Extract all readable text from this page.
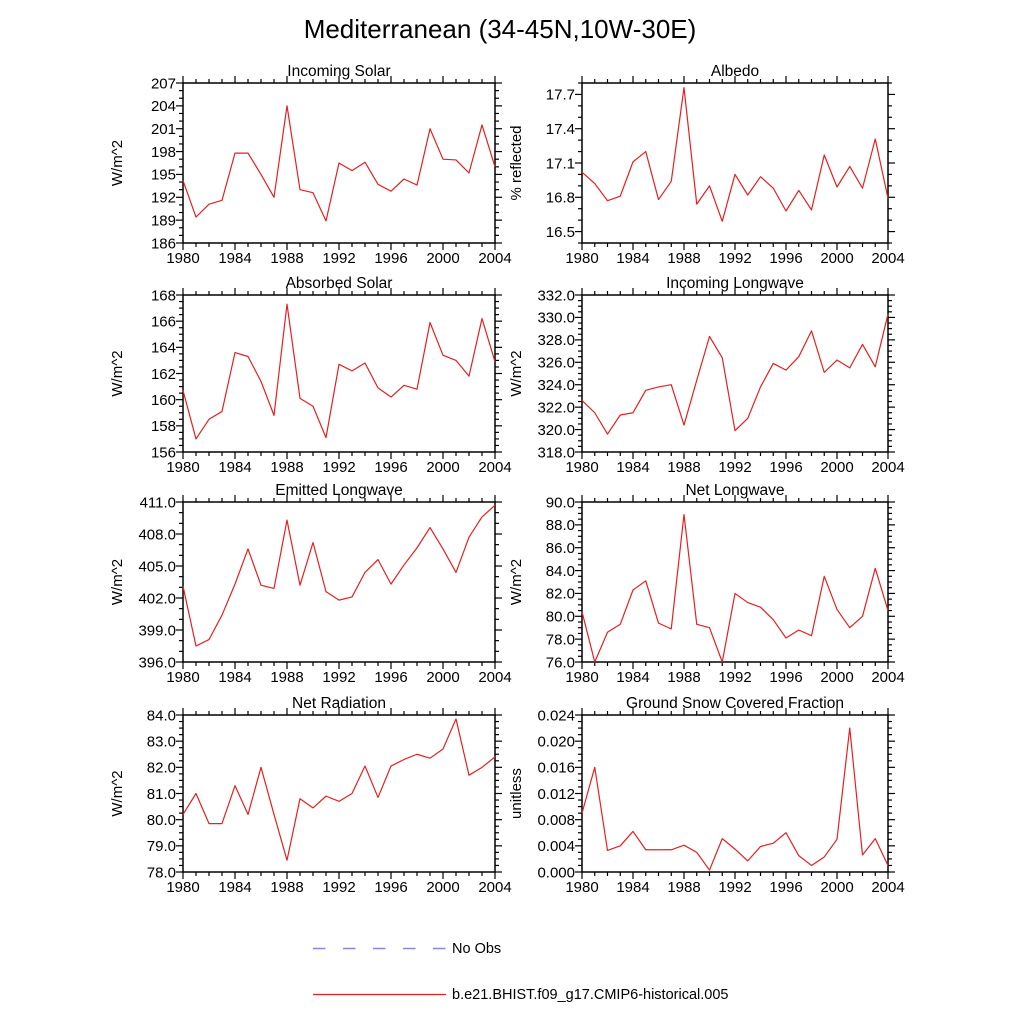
Mediterranean (34-45N,10W-30E)
1980 1984 1988 1992 1996 2000 2004
186
189
192
195
198
201
204
207
Incoming Solar
W/m^2
1980 1984 1988 1992 1996 2000 2004
16.5
16.8
17.1
17.4
17.7
Albedo
% reflected
1980 1984 1988 1992 1996 2000 2004
156
158
160
162
164
166
168
Absorbed Solar
W/m^2
1980 1984 1988 1992 1996 2000 2004
318.0
320.0
322.0
324.0
326.0
328.0
330.0
332.0
Incoming Longwave
W/m^2
1980 1984 1988 1992 1996 2000 2004
396.0
399.0
402.0
405.0
408.0
411.0
Emitted Longwave
W/m^2
1980 1984 1988 1992 1996 2000 2004
76.0
78.0
80.0
82.0
84.0
86.0
88.0
90.0
Net Longwave
W/m^2
1980 1984 1988 1992 1996 2000 2004
78.0
79.0
80.0
81.0
82.0
83.0
84.0
Net Radiation
W/m^2
1980 1984 1988 1992 1996 2000 2004
0.000
0.004
0.008
0.012
0.016
0.020
0.024
Ground Snow Covered Fraction
unitless
No Obs
b.e21.BHIST.f09_g17.CMIP6-historical.005
